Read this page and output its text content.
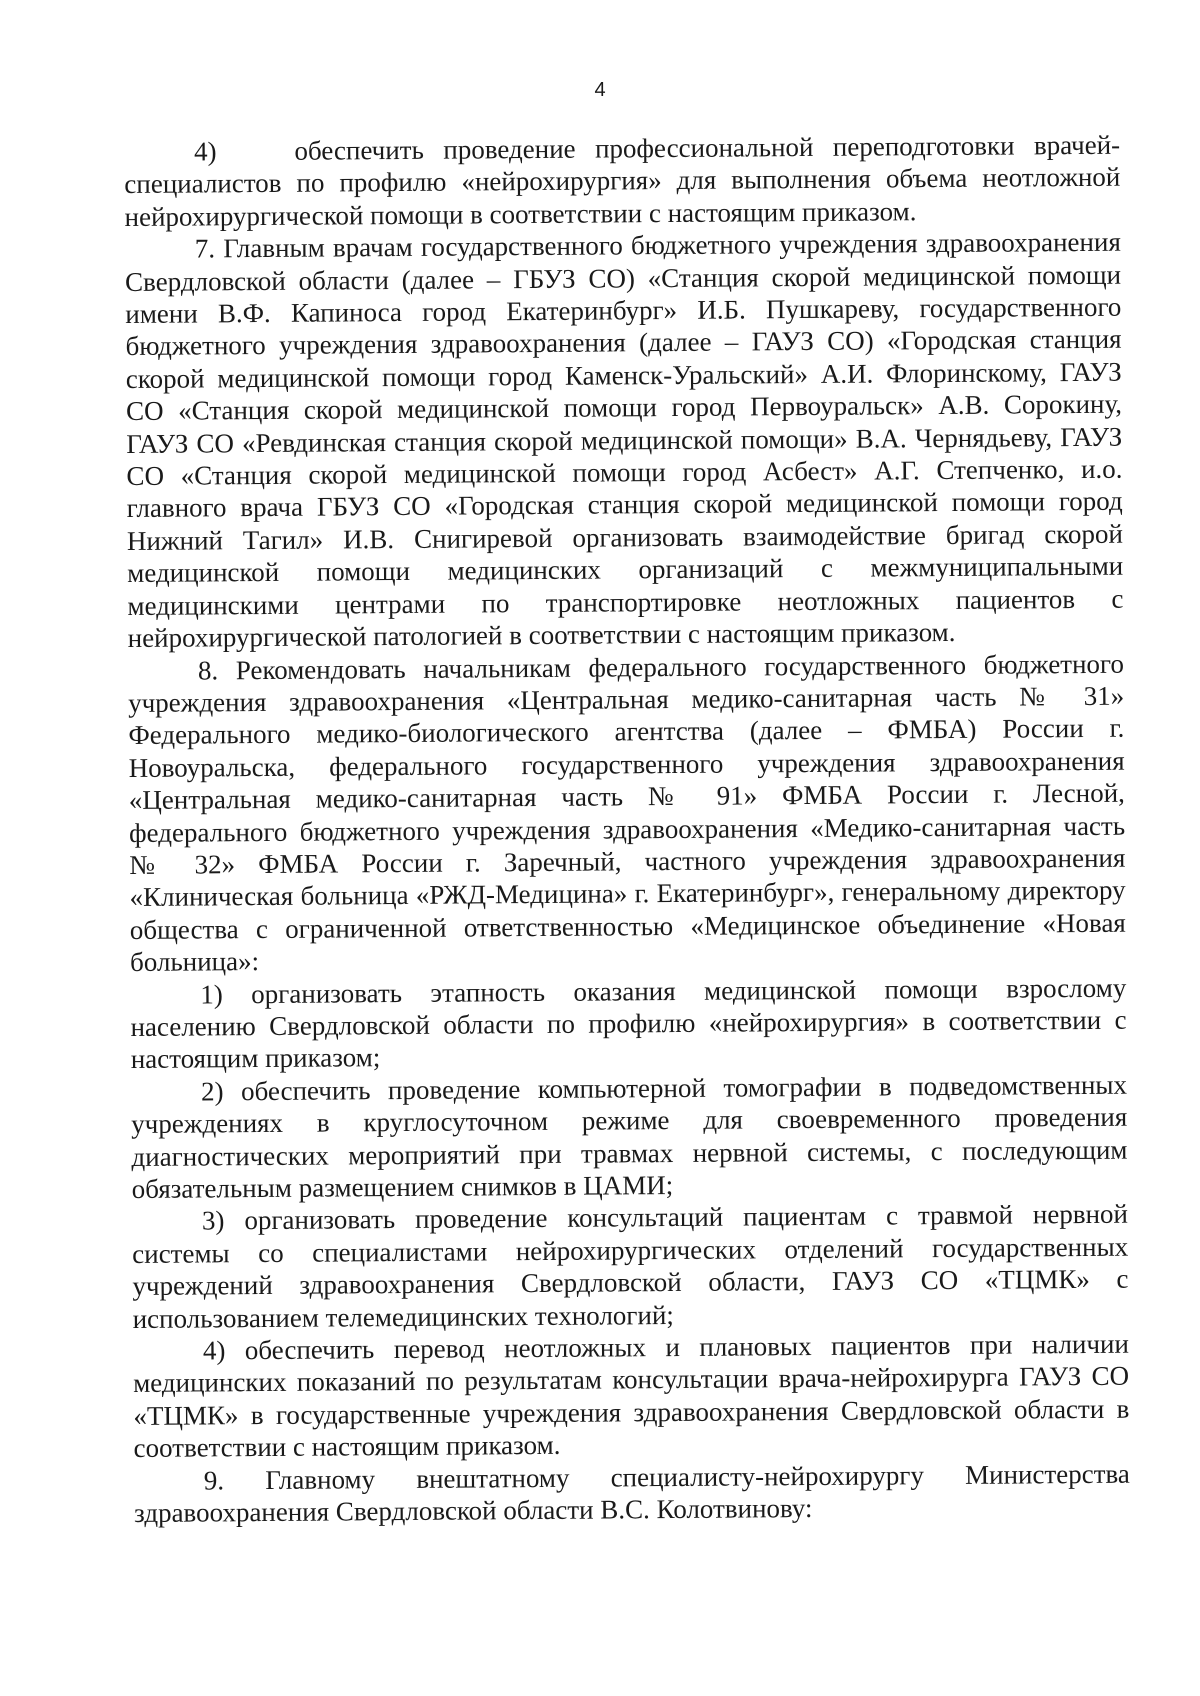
4

4)    обеспечить проведение профессиональной переподготовки врачей-специалистов по профилю «нейрохирургия» для выполнения объема неотложной нейрохирургической помощи в соответствии с настоящим приказом.

7. Главным врачам государственного бюджетного учреждения здравоохранения Свердловской области (далее – ГБУЗ СО) «Станция скорой медицинской помощи имени В.Ф. Капиноса город Екатеринбург» И.Б. Пушкареву, государственного бюджетного учреждения здравоохранения (далее – ГАУЗ СО) «Городская станция скорой медицинской помощи город Каменск-Уральский» А.И. Флоринскому, ГАУЗ СО «Станция скорой медицинской помощи город Первоуральск» А.В. Сорокину, ГАУЗ СО «Ревдинская станция скорой медицинской помощи» В.А. Чернядьеву, ГАУЗ СО «Станция скорой медицинской помощи город Асбест» А.Г. Степченко, и.о. главного врача ГБУЗ СО «Городская станция скорой медицинской помощи город Нижний Тагил» И.В. Снигиревой организовать взаимодействие бригад скорой медицинской помощи медицинских организаций с межмуниципальными медицинскими центрами по транспортировке неотложных пациентов с нейрохирургической патологией в соответствии с настоящим приказом.

8. Рекомендовать начальникам федерального государственного бюджетного учреждения здравоохранения «Центральная медико-санитарная часть № 31» Федерального медико-биологического агентства (далее – ФМБА) России г. Новоуральска, федерального государственного учреждения здравоохранения «Центральная медико-санитарная часть № 91» ФМБА России г. Лесной, федерального бюджетного учреждения здравоохранения «Медико-санитарная часть № 32» ФМБА России г. Заречный, частного учреждения здравоохранения «Клиническая больница «РЖД-Медицина» г. Екатеринбург», генеральному директору общества с ограниченной ответственностью «Медицинское объединение «Новая больница»:

1) организовать этапность оказания медицинской помощи взрослому населению Свердловской области по профилю «нейрохирургия» в соответствии с настоящим приказом;

2) обеспечить проведение компьютерной томографии в подведомственных учреждениях в круглосуточном режиме для своевременного проведения диагностических мероприятий при травмах нервной системы, с последующим обязательным размещением снимков в ЦАМИ;

3) организовать проведение консультаций пациентам с травмой нервной системы со специалистами нейрохирургических отделений государственных учреждений здравоохранения Свердловской области, ГАУЗ СО «ТЦМК» с использованием телемедицинских технологий;

4) обеспечить перевод неотложных и плановых пациентов при наличии медицинских показаний по результатам консультации врача-нейрохирурга ГАУЗ СО «ТЦМК» в государственные учреждения здравоохранения Свердловской области в соответствии с настоящим приказом.

9. Главному внештатному специалисту-нейрохирургу Министерства здравоохранения Свердловской области В.С. Колотвинову:
